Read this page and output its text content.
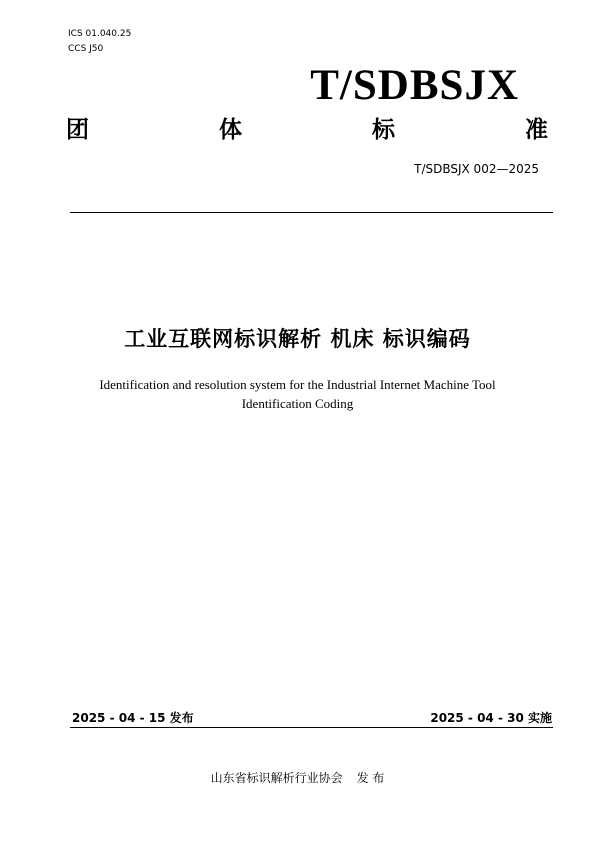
ICS 01.040.25
CCS J50
T/SDBSJX
团	体	标	准
T/SDBSJX 002—2025
工业互联网标识解析 机床 标识编码
Identification and resolution system for the Industrial Internet Machine Tool
Identification Coding
2025 - 04 - 15 发布	2025 - 04 - 30 实施
山东省标识解析行业协会 发 布
